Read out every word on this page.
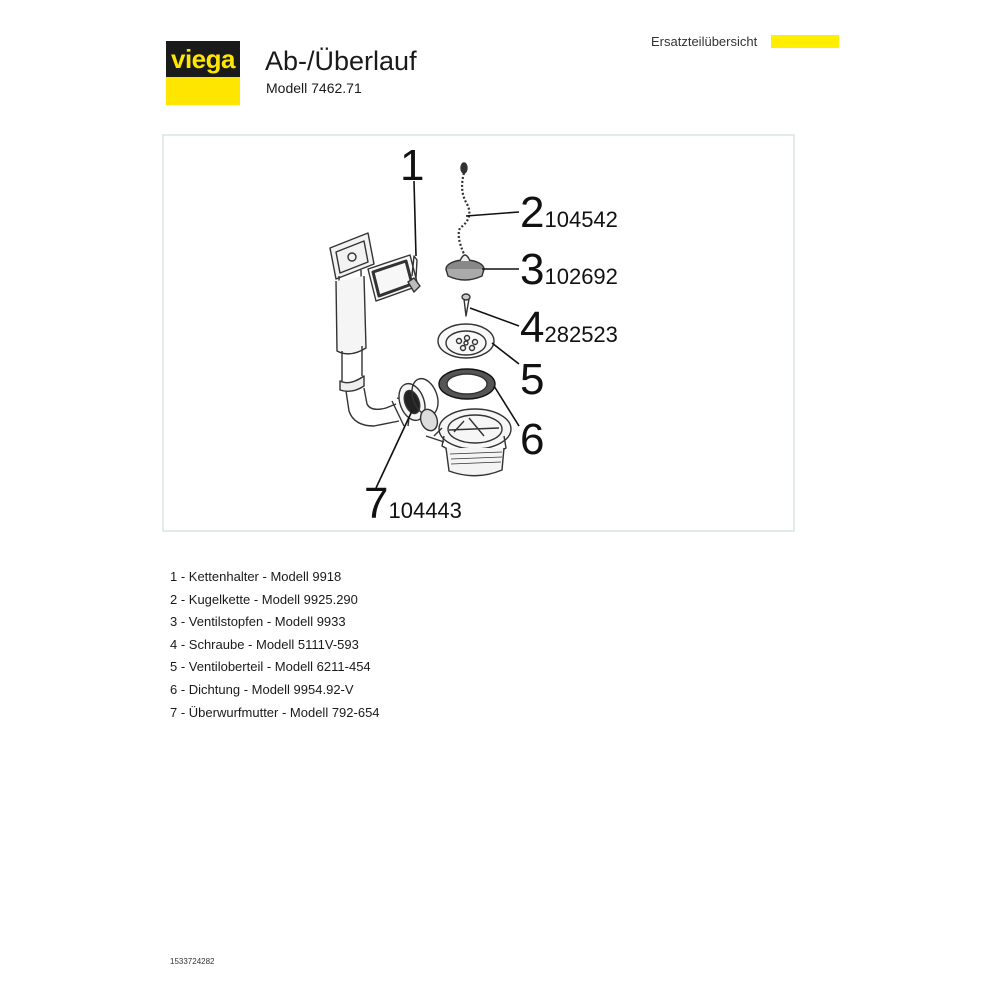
viega Ab-/Überlauf
Modell 7462.71
Ersatzteilübersicht
1
2104542
3102692
4282523
5
6
7104443
1 - Kettenhalter - Modell 9918
2 - Kugelkette - Modell 9925.290
3 - Ventilstopfen - Modell 9933
4 - Schraube - Modell 5111V-593
5 - Ventiloberteil - Modell 6211-454
6 - Dichtung - Modell 9954.92-V
7 - Überwurfmutter - Modell 792-654
1533724282
